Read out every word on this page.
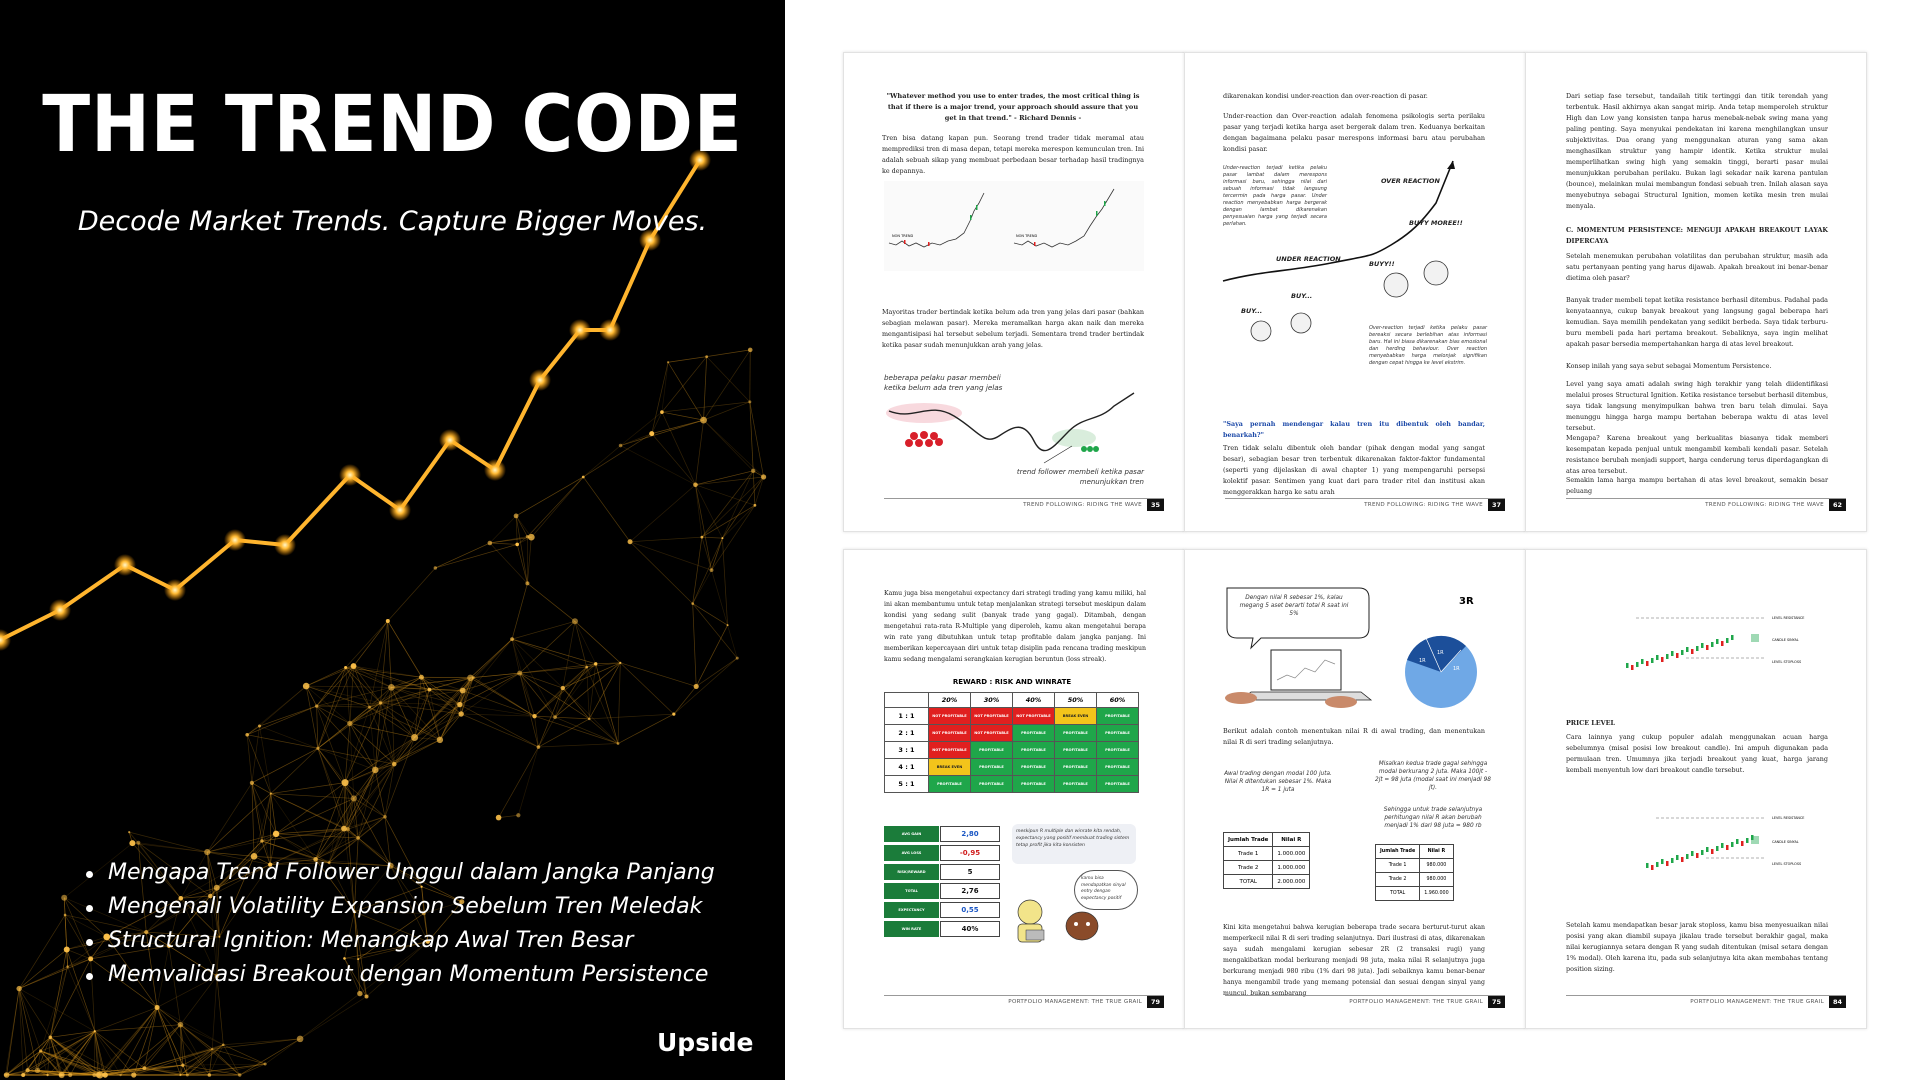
THE TREND CODE
Decode Market Trends. Capture Bigger Moves.
Mengapa Trend Follower Unggul dalam Jangka Panjang
Mengenali Volatility Expansion Sebelum Tren Meledak
Structural Ignition: Menangkap Awal Tren Besar
Memvalidasi Breakout dengan Momentum Persistence
Upside
"Whatever method you use to enter trades, the most critical thing is that if there is a major trend, your approach should assure that you get in that trend." - Richard Dennis -
Tren bisa datang kapan pun. Seorang trend trader tidak meramal atau memprediksi tren di masa depan, tetapi mereka merespon kemunculan tren. Ini adalah sebuah sikap yang membuat perbedaan besar terhadap hasil tradingnya ke depannya.
NON TREND	NON TREND
Mayoritas trader bertindak ketika belum ada tren yang jelas dari pasar (bahkan sebagian melawan pasar). Mereka meramalkan harga akan naik dan mereka mengantisipasi hal tersebut sebelum terjadi. Sementara trend trader bertindak ketika pasar sudah menunjukkan arah yang jelas.
beberapa pelaku pasar membeli ketika belum ada tren yang jelas
trend follower membeli ketika pasar menunjukkan tren
TREND FOLLOWING: RIDING THE WAVE	35
dikarenakan kondisi under-reaction dan over-reaction di pasar.
Under-reaction dan Over-reaction adalah fenomena psikologis serta perilaku pasar yang terjadi ketika harga aset bergerak dalam tren. Keduanya berkaitan dengan bagaimana pelaku pasar merespons informasi baru atau perubahan kondisi pasar.
Under-reaction terjadi ketika pelaku pasar lambat dalam merespons informasi baru, sehingga nilai dari sebuah informasi tidak langsung tercermin pada harga pasar. Under reaction menyebabkan harga bergerak dengan lambat dikarenakan penyesuaian harga yang terjadi secara perlahan.	BUYY MOREE!!
BUYY!!
BUY...
BUY...
OVER REACTION
UNDER REACTION
Over-reaction terjadi ketika pelaku pasar bereaksi secara berlebihan atas informasi baru. Hal ini biasa dikarenakan bias emosional dan herding behaviour. Over reaction menyebabkan harga melonjak signifikan dengan cepat hingga ke level ekstrim.
"Saya pernah mendengar kalau tren itu dibentuk oleh bandar, benarkah?"
Tren tidak selalu dibentuk oleh bandar (pihak dengan modal yang sangat besar), sebagian besar tren terbentuk dikarenakan faktor-faktor fundamental (seperti yang dijelaskan di awal chapter 1) yang mempengaruhi persepsi kolektif pasar. Sentimen yang kuat dari para trader ritel dan institusi akan menggerakkan harga ke satu arah
TREND FOLLOWING: RIDING THE WAVE	37
Dari setiap fase tersebut, tandailah titik tertinggi dan titik terendah yang terbentuk. Hasil akhirnya akan sangat mirip. Anda tetap memperoleh struktur High dan Low yang konsisten tanpa harus menebak-nebak swing mana yang paling penting. Saya menyukai pendekatan ini karena menghilangkan unsur subjektivitas. Dua orang yang menggunakan aturan yang sama akan menghasilkan struktur yang hampir identik. Ketika struktur mulai memperlihatkan swing high yang semakin tinggi, berarti pasar mulai menunjukkan perubahan perilaku. Bukan lagi sekadar naik karena pantulan (bounce), melainkan mulai membangun fondasi sebuah tren. Inilah alasan saya menyebutnya sebagai Structural Ignition, momen ketika mesin tren mulai menyala.
C. MOMENTUM PERSISTENCE: MENGUJI APAKAH BREAKOUT LAYAK DIPERCAYA
Setelah menemukan perubahan volatilitas dan perubahan struktur, masih ada satu pertanyaan penting yang harus dijawab. Apakah breakout ini benar-benar dietima oleh pasar?
Banyak trader membeli tepat ketika resistance berhasil ditembus. Padahal pada kenyataannya, cukup banyak breakout yang langsung gagal beberapa hari kemudian. Saya memilih pendekatan yang sedikit berbeda. Saya tidak terburu-buru membeli pada hari pertama breakout. Sebaliknya, saya ingin melihat apakah pasar bersedia mempertahankan harga di atas level breakout.
Konsep inilah yang saya sebut sebagai Momentum Persistence.
Level yang saya amati adalah swing high terakhir yang telah diidentifikasi melalui proses Structural Ignition. Ketika resistance tersebut berhasil ditembus, saya tidak langsung menyimpulkan bahwa tren baru telah dimulai. Saya menunggu hingga harga mampu bertahan beberapa waktu di atas level tersebut.
Mengapa? Karena breakout yang berkualitas biasanya tidak memberi kesempatan kepada penjual untuk mengambil kembali kendali pasar. Setelah resistance berubah menjadi support, harga cenderung terus diperdagangkan di atas area tersebut.
Semakin lama harga mampu bertahan di atas level breakout, semakin besar peluang
TREND FOLLOWING: RIDING THE WAVE	62
Kamu juga bisa mengetahui expectancy dari strategi trading yang kamu miliki, hal ini akan membantumu untuk tetap menjalankan strategi tersebut meskipun dalam kondisi yang sedang sulit (banyak trade yang gagal). Ditambah, dengan mengetahui rata-rata R-Multiple yang diperoleh, kamu akan mengetahui berapa win rate yang dibutuhkan untuk tetap profitable dalam jangka panjang. Ini memberikan kepercayaan diri untuk tetap disiplin pada rencana trading meskipun kamu sedang mengalami serangkaian kerugian beruntun (loss streak).
REWARD : RISK AND WINRATE
	20%	30%	40%	50%	60%
1 : 1	NOT PROFITABLE	NOT PROFITABLE	NOT PROFITABLE	BREAK EVEN	PROFITABLE
2 : 1	NOT PROFITABLE	NOT PROFITABLE	PROFITABLE	PROFITABLE	PROFITABLE
3 : 1	NOT PROFITABLE	PROFITABLE	PROFITABLE	PROFITABLE	PROFITABLE
4 : 1	BREAK EVEN	PROFITABLE	PROFITABLE	PROFITABLE	PROFITABLE
5 : 1	PROFITABLE	PROFITABLE	PROFITABLE	PROFITABLE	PROFITABLE
AVG GAIN	2,80
AVG LOSS	-0,95
RISK/REWARD	5
TOTAL	2,76
EXPECTANCY	0,55
WIN RATE	40%
meskipun R multiple dan winrate kita rendah, expectancy yang positif membuat trading sistem tetap profit jika kita konsisten
kamu bisa mendapatkan sinyal entry dengan expectancy positif
PORTFOLIO MANAGEMENT: THE TRUE GRAIL	79
3R
1R
1R
1R
Dengan nilai R sebesar 1%, kalau megang 5 aset berarti total R saat ini 5%
Berikut adalah contoh menentukan nilai R di awal trading, dan menentukan nilai R di seri trading selanjutnya.
Awal trading dengan modal 100 juta. Nilai R ditentukan sebesar 1%. Maka 1R = 1 juta
Misalkan kedua trade gagal sehingga modal berkurang 2 juta. Maka 100jt - 2jt = 98 juta (modal saat ini menjadi 98 jt).
Sehingga untuk trade selanjutnya perhitungan nilai R akan berubah menjadi 1% dari 98 juta = 980 rb
Jumlah Trade	Nilai R
Trade 1	1.000.000
Trade 2	1.000.000
TOTAL	2.000.000
Jumlah Trade	Nilai R
Trade 1	980.000
Trade 2	980.000
TOTAL	1.960.000
Kini kita mengetahui bahwa kerugian beberapa trade secara berturut-turut akan memperkecil nilai R di seri trading selanjutnya. Dari ilustrasi di atas, dikarenakan saya sudah mengalami kerugian sebesar 2R (2 transaksi rugi) yang mengakibatkan modal berkurang menjadi 98 juta, maka nilai R selanjutnya juga berkurang menjadi 980 ribu (1% dari 98 juta). Jadi sebaiknya kamu benar-benar hanya mengambil trade yang memang potensial dan sesuai dengan sinyal yang muncul, bukan sembarang
PORTFOLIO MANAGEMENT: THE TRUE GRAIL	75
LEVEL RESISTANCE
CANDLE SINYAL
LEVEL STOPLOSS
PRICE LEVEL
Cara lainnya yang cukup populer adalah menggunakan acuan harga sebelumnya (misal posisi low breakout candle). Ini ampuh digunakan pada permulaan tren. Umumnya jika terjadi breakout yang kuat, harga jarang kembali menyentuh low dari breakout candle tersebut.
LEVEL RESISTANCE
CANDLE SINYAL
LEVEL STOPLOSS
Setelah kamu mendapatkan besar jarak stoploss, kamu bisa menyesuaikan nilai posisi yang akan diambil supaya jikalau trade tersebut berakhir gagal, maka nilai kerugiannya setara dengan R yang sudah ditentukan (misal setara dengan 1% modal). Oleh karena itu, pada sub selanjutnya kita akan membahas tentang position sizing.
PORTFOLIO MANAGEMENT: THE TRUE GRAIL	84
